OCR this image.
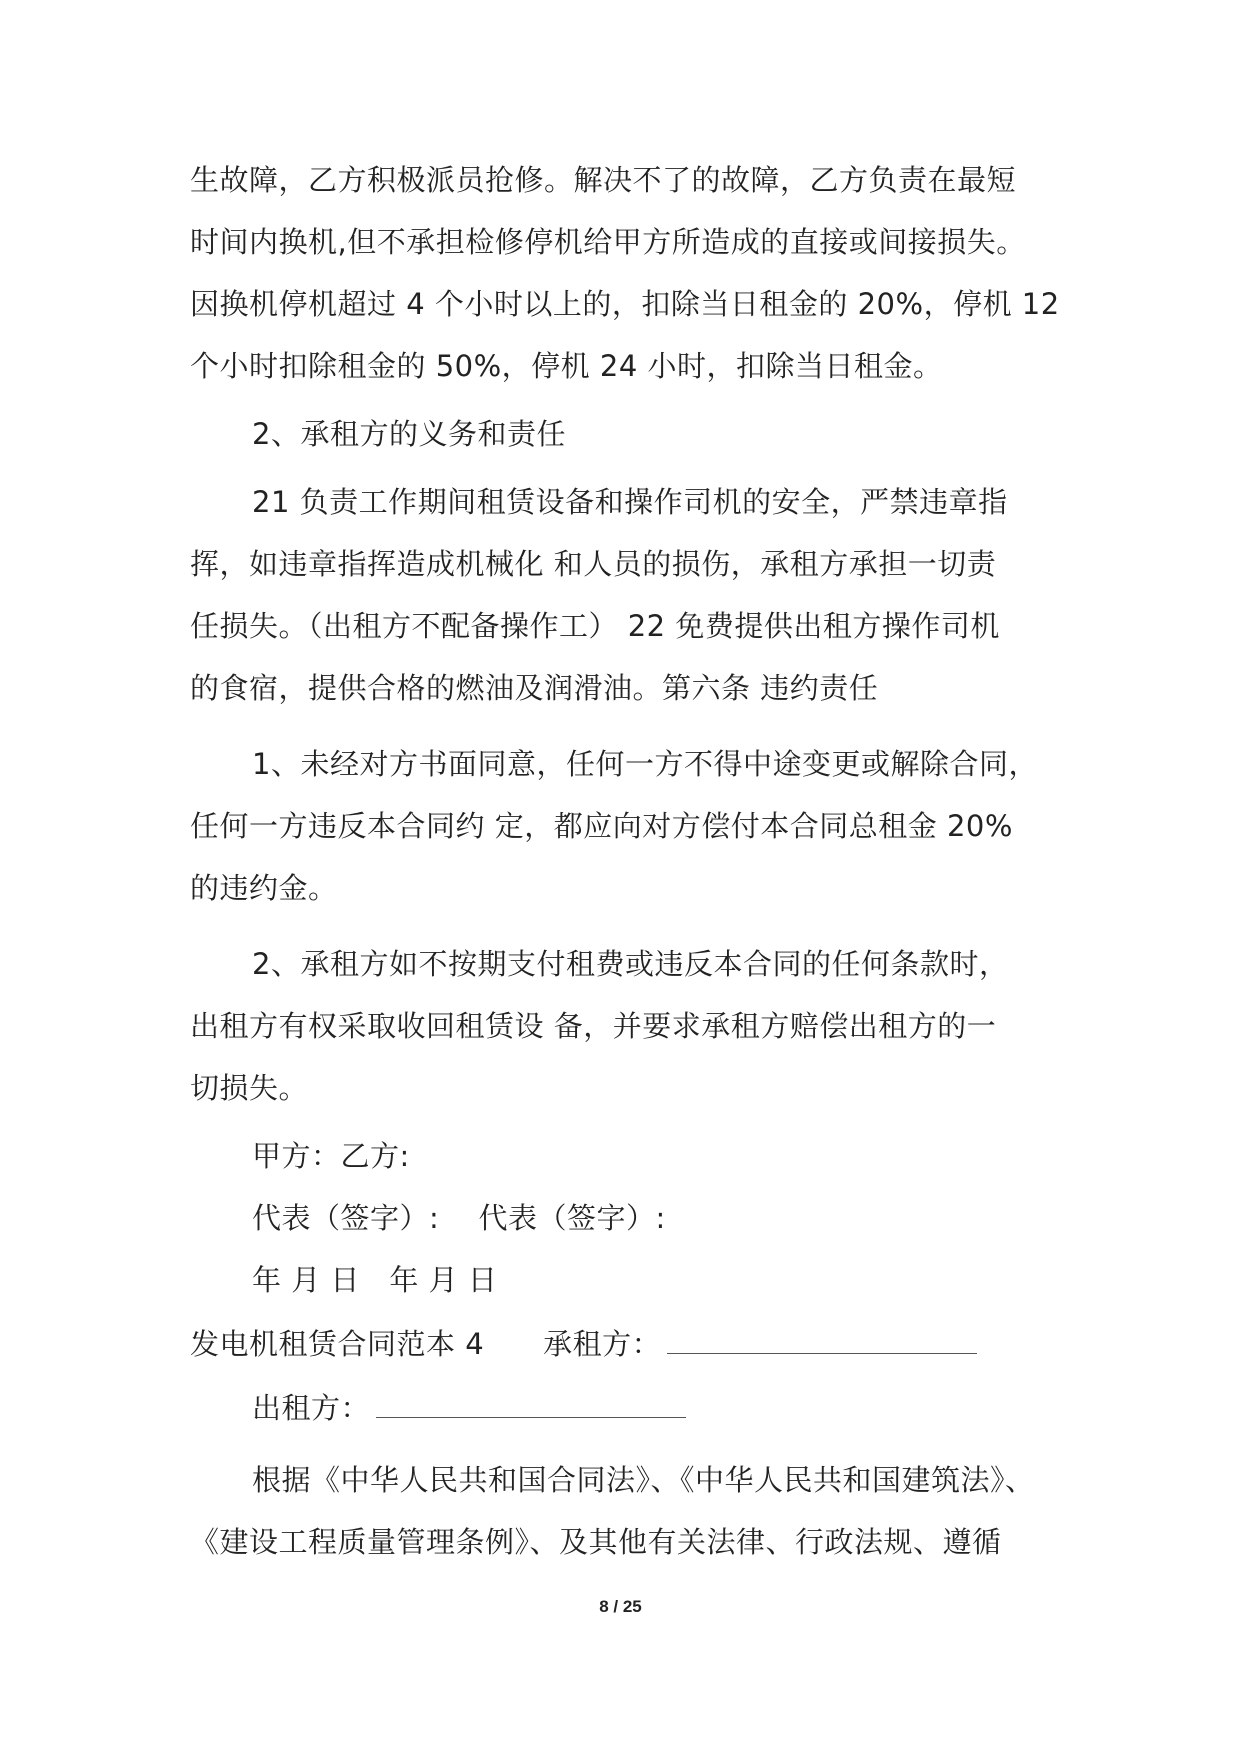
生故障，乙方积极派员抢修。解决不了的故障，乙方负责在最短
时间内换机,但不承担检修停机给甲方所造成的直接或间接损失。
因换机停机超过 4 个小时以上的，扣除当日租金的 20%，停机 12
个小时扣除租金的 50%，停机 24 小时，扣除当日租金。
2、承租方的义务和责任
21 负责工作期间租赁设备和操作司机的安全，严禁违章指
挥，如违章指挥造成机械化 和人员的损伤，承租方承担一切责
任损失。（出租方不配备操作工） 22 免费提供出租方操作司机
的食宿，提供合格的燃油及润滑油。第六条 违约责任
1、未经对方书面同意，任何一方不得中途变更或解除合同，
任何一方违反本合同约 定，都应向对方偿付本合同总租金 20%
的违约金。
2、承租方如不按期支付租费或违反本合同的任何条款时，
出租方有权采取收回租赁设 备，并要求承租方赔偿出租方的一
切损失。
甲方：乙方:
代表（签字）:　 代表（签字）:
年 月 日　年 月 日
发电机租赁合同范本 4　　承租方：
出租方：
根据《中华人民共和国合同法》、《中华人民共和国建筑法》、
《建设工程质量管理条例》、及其他有关法律、行政法规、遵循
8 / 25
